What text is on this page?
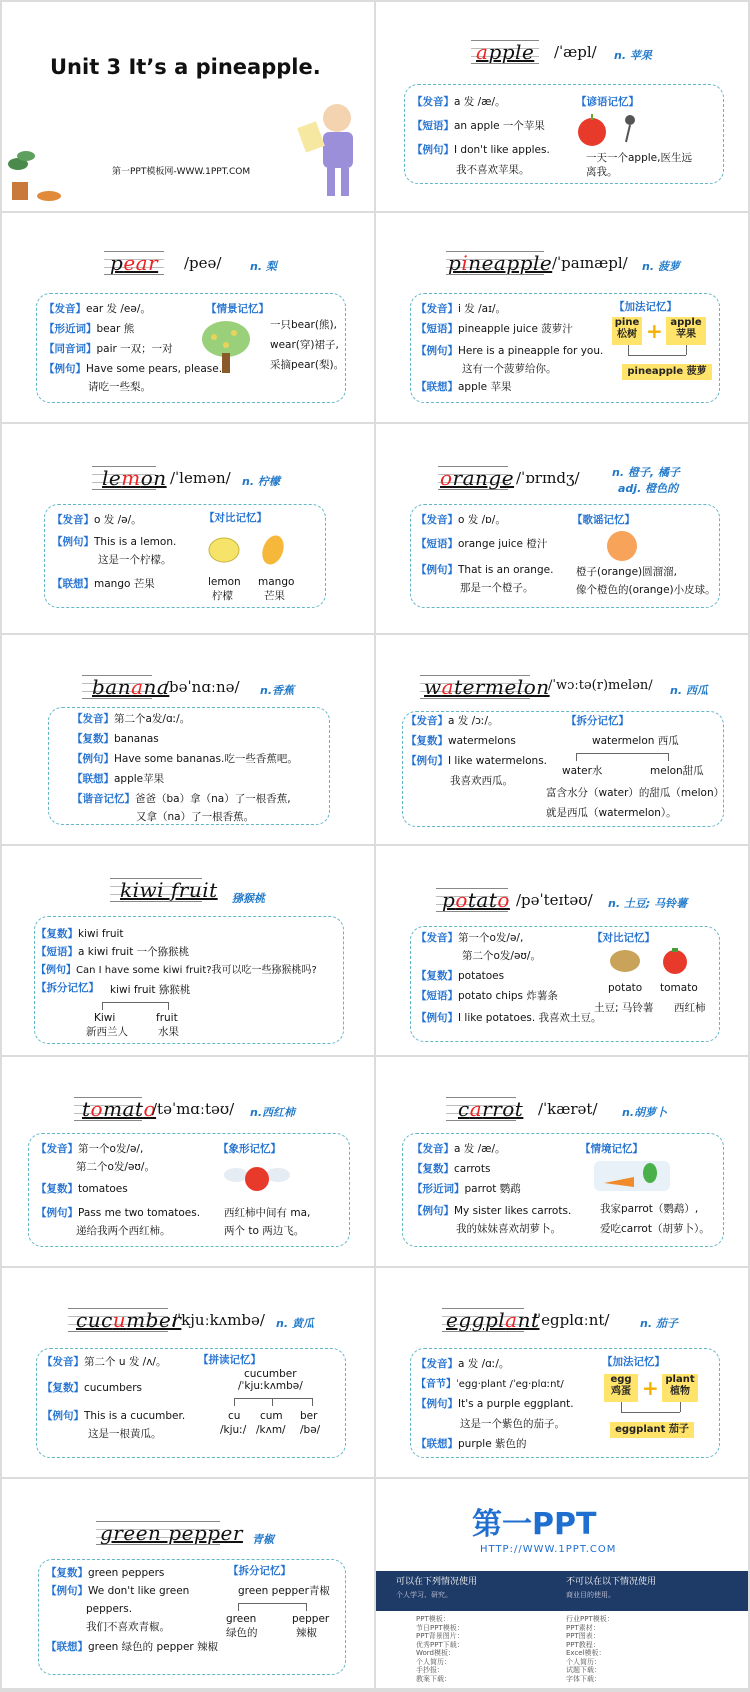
Unit 3 It’s a pineapple.
第一PPT模板网-WWW.1PPT.COM
apple /ˈæpl/ n. 苹果
【发音】a 发 /æ/。
【短语】an apple 一个苹果
【例句】I don't like apples.
我不喜欢苹果。
【谚语记忆】
一天一个apple,医生远
离我。
pear /peə/	n. 梨
【发音】ear 发 /eə/。
【形近词】bear 熊
【同音词】pair 一双；一对
【例句】Have some pears, please.
请吃一些梨。
【情景记忆】
一只bear(熊),
wear(穿)裙子,
采摘pear(梨)。
pineapple /ˈpaɪnæpl/ n. 菠萝
【发音】i 发 /aɪ/。
【短语】pineapple juice 菠萝汁
【例句】Here is a pineapple for you.
这有一个菠萝给你。
【联想】apple 苹果
【加法记忆】
pine
松树 + apple
苹果
pineapple 菠萝
lemon /ˈlemən/ n. 柠檬
【发音】o 发 /ə/。
【例句】This is a lemon.
这是一个柠檬。
【联想】mango 芒果
【对比记忆】
lemon
柠檬
mango
芒果
orange /ˈɒrɪndʒ/	n. 橙子, 橘子
adj. 橙色的
【发音】o 发 /ɒ/。
【短语】orange juice 橙汁
【例句】That is an orange.
那是一个橙子。
【歌谣记忆】
橙子(orange)圆溜溜,
像个橙色的(orange)小皮球。
banana
/bəˈnɑːnə/ n.香蕉
【发音】第二个a发/ɑː/。
【复数】bananas
【例句】Have some bananas.吃一些香蕉吧。
【联想】apple苹果
【谐音记忆】爸爸（ba）拿（na）了一根香蕉,
又拿（na）了一根香蕉。
watermelon
/ˈwɔːtə(r)melən/ n. 西瓜
【发音】a 发 /ɔː/。
【复数】watermelons
【例句】I like watermelons.
我喜欢西瓜。
【拆分记忆】
watermelon 西瓜
water水	melon甜瓜
富含水分（water）的甜瓜（melon）
就是西瓜（watermelon）。
kiwi fruit 猕猴桃
【复数】kiwi fruit
【短语】a kiwi fruit 一个猕猴桃
【例句】Can I have some kiwi fruit?我可以吃一些猕猴桃吗?
【拆分记忆】 kiwi fruit 猕猴桃
Kiwi
新西兰人
fruit
水果
potato /pəˈteɪtəʊ/ n. 土豆; 马铃薯
【发音】第一个o发/ə/,
第二个o发/əʊ/。
【复数】potatoes
【短语】potato chips 炸薯条
【例句】I like potatoes. 我喜欢土豆。
【对比记忆】
potato tomato
土豆; 马铃薯 西红柿
tomato
/təˈmɑːtəʊ/ n.西红柿
【发音】第一个o发/ə/,
第二个o发/əʊ/。
【复数】tomatoes
【例句】Pass me two tomatoes.
递给我两个西红柿。
【象形记忆】
西红柿中间有 ma,
两个 to 两边飞。
carrot /ˈkærət/ n.胡萝卜
【发音】a 发 /æ/。
【复数】carrots
【形近词】parrot 鹦鹉
【例句】My sister likes carrots.
我的妹妹喜欢胡萝卜。
【情境记忆】
我家parrot（鹦鹉）,
爱吃carrot（胡萝卜）。
cucumber
/ˈkjuːkʌmbə/ n. 黄瓜
【发音】第二个 u 发 /ʌ/。
【复数】cucumbers
【例句】This is a cucumber.
这是一根黄瓜。
【拼读记忆】
cucumber
/ˈkjuːkʌmbə/
cu
/kjuː/
cum
/kʌm/
ber
/bə/
eggplant
/ˈegplɑːnt/	n. 茄子
【发音】a 发 /ɑː/。
【音节】ˈegg·plant /ˈeg·plɑːnt/
【例句】It's a purple eggplant.
这是一个紫色的茄子。
【联想】purple 紫色的
【加法记忆】
egg
鸡蛋 + plant
植物
eggplant 茄子
green pepper 青椒
【复数】green peppers
【例句】We don't like green
peppers.
我们不喜欢青椒。
【联想】green 绿色的 pepper 辣椒
【拆分记忆】
green pepper青椒
green
绿色的
pepper
辣椒
第一PPT
HTTP://WWW.1PPT.COM
可以在下列情况使用	不可以在以下情况使用
个人学习、研究。	商业目的使用。
PPT模板：
节日PPT模板：
PPT背景图片：
优秀PPT下载：
Word模板：
个人简历：
手抄报：
教案下载：
行业PPT模板：
PPT素材：
PPT图表：
PPT教程：
Excel模板：
个人简历：
试题下载：
字体下载：
